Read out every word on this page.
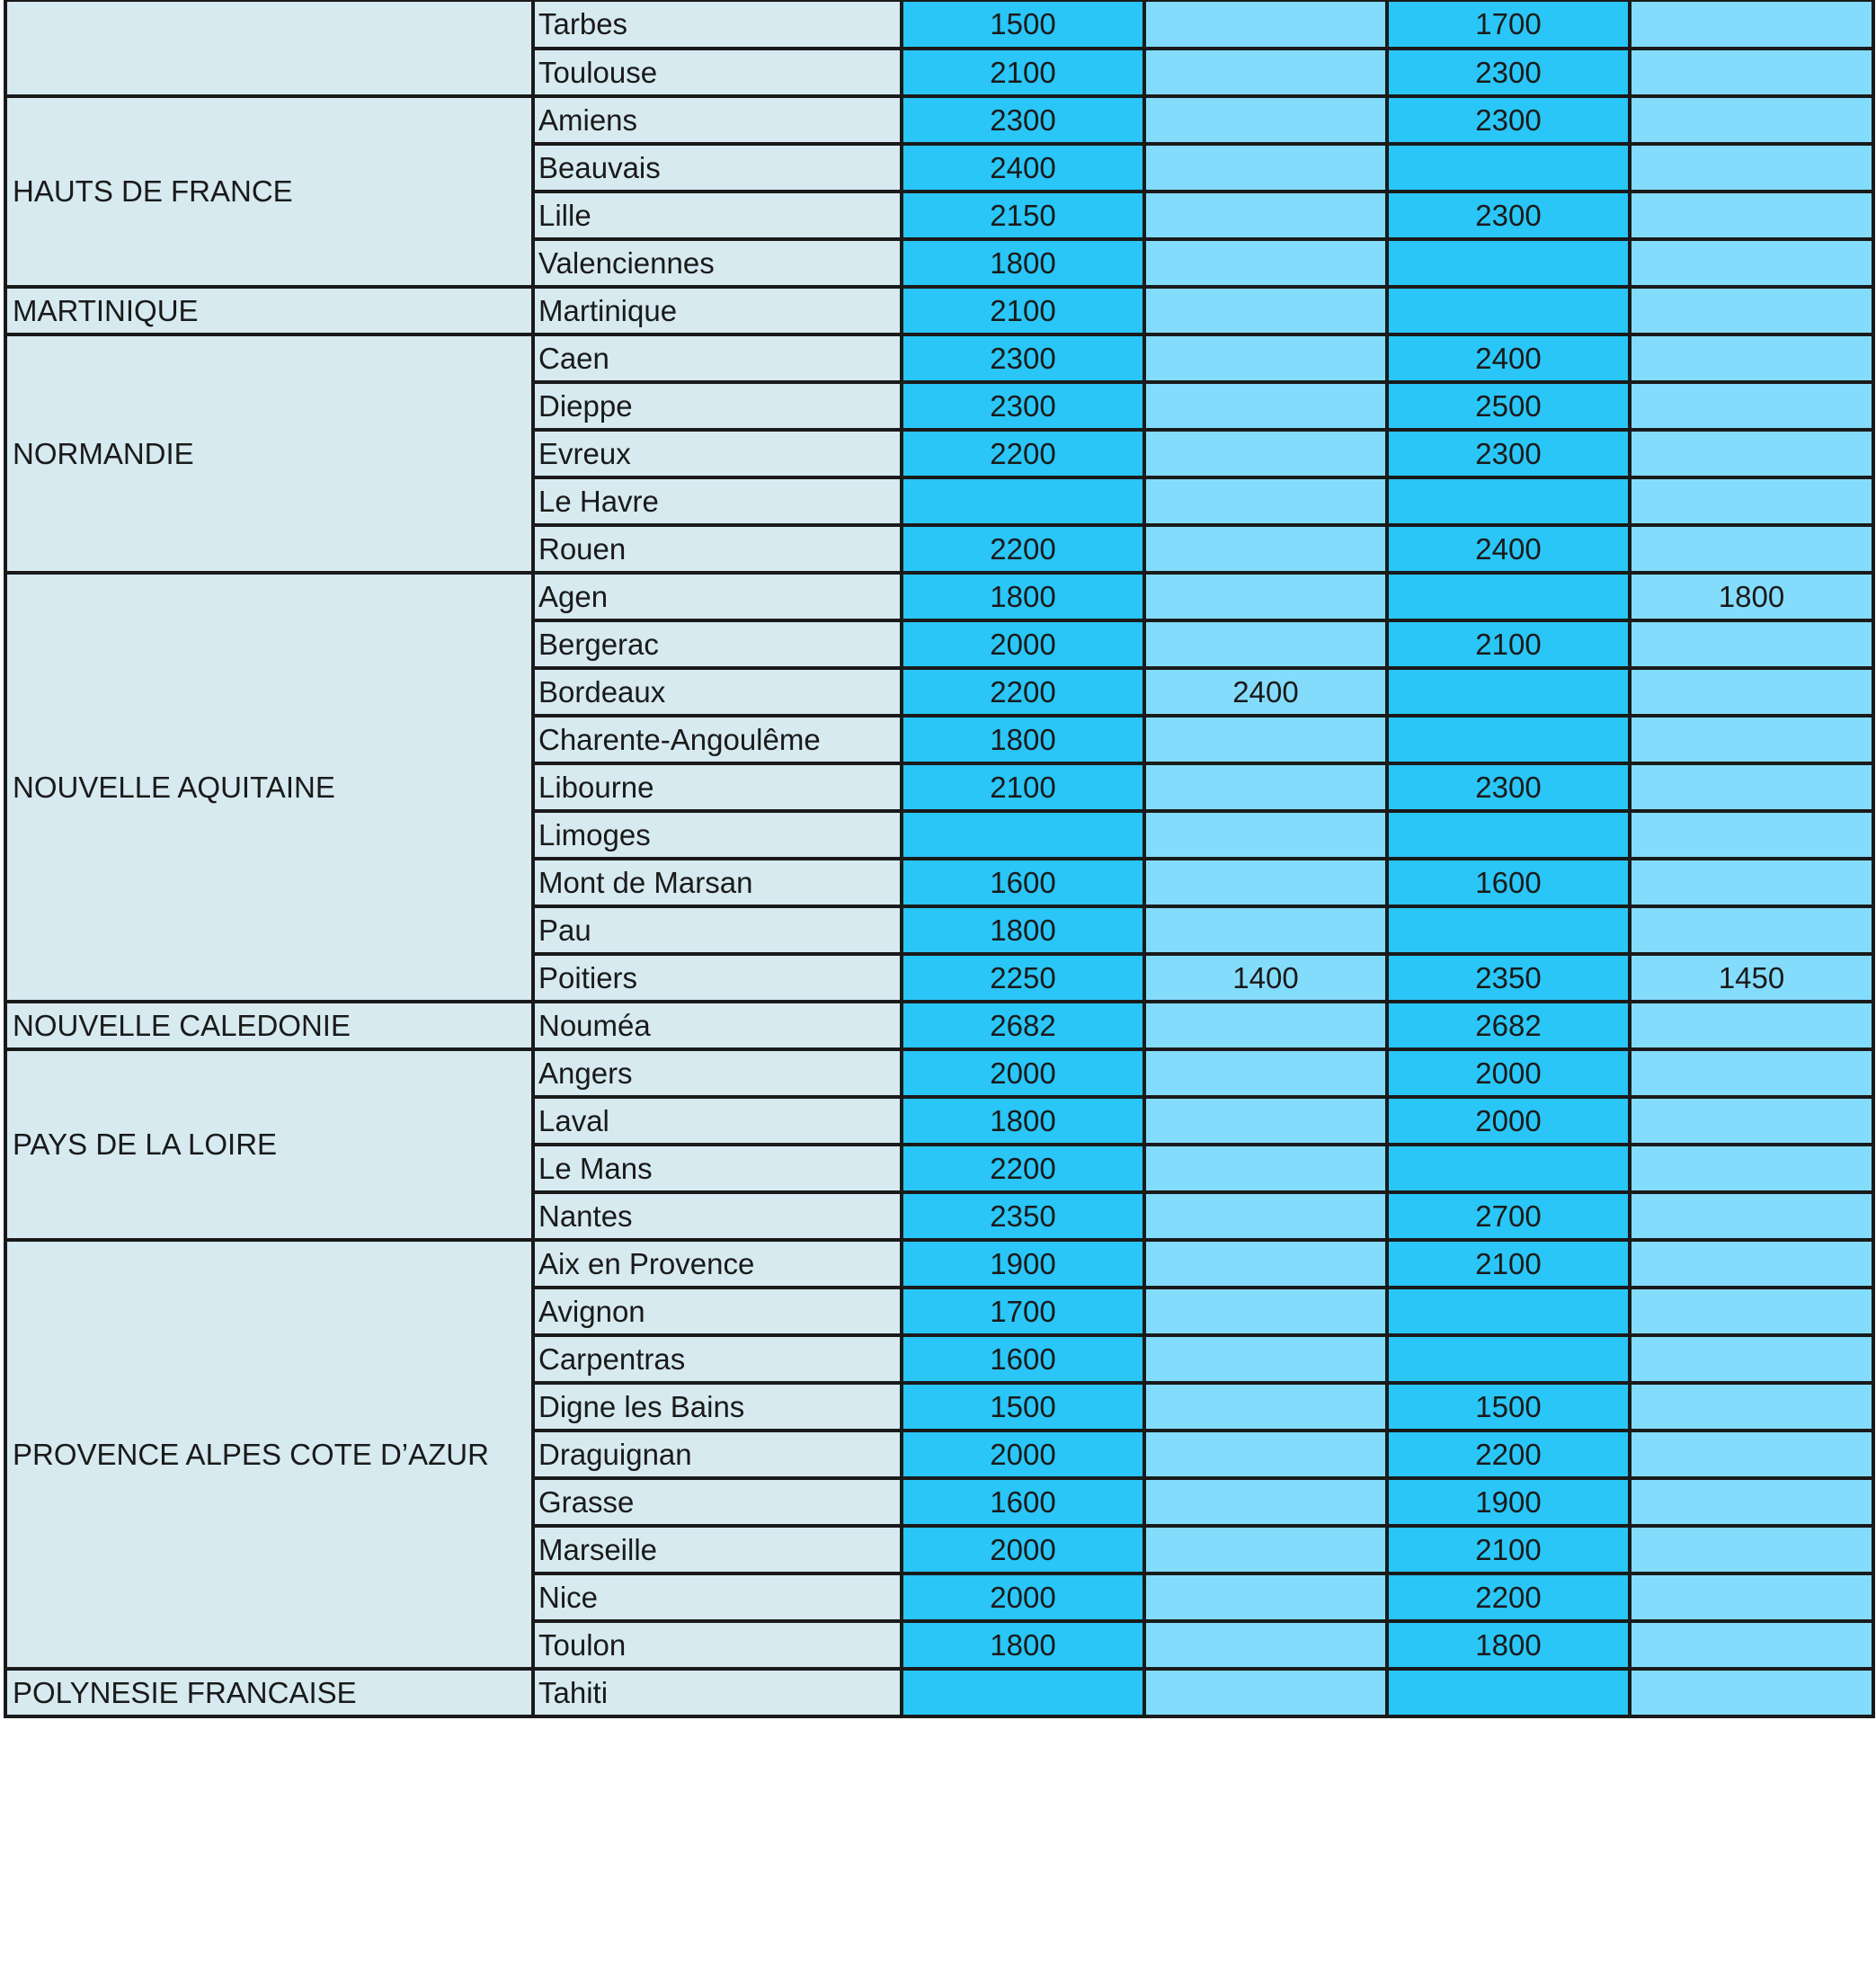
	Tarbes	1500		1700	
	Toulouse	2100		2300	
HAUTS DE FRANCE	Amiens	2300		2300	
	Beauvais	2400			
	Lille	2150		2300	
	Valenciennes	1800			
MARTINIQUE	Martinique	2100			
NORMANDIE	Caen	2300		2400	
	Dieppe	2300		2500	
	Evreux	2200		2300	
	Le Havre				
	Rouen	2200		2400	
NOUVELLE AQUITAINE	Agen	1800			1800
	Bergerac	2000		2100	
	Bordeaux	2200	2400		
	Charente-Angoulême	1800			
	Libourne	2100		2300	
	Limoges				
	Mont de Marsan	1600		1600	
	Pau	1800			
	Poitiers	2250	1400	2350	1450
NOUVELLE CALEDONIE	Nouméa	2682		2682	
PAYS DE LA LOIRE	Angers	2000		2000	
	Laval	1800		2000	
	Le Mans	2200			
	Nantes	2350		2700	
PROVENCE ALPES COTE D’AZUR	Aix en Provence	1900		2100	
	Avignon	1700			
	Carpentras	1600			
	Digne les Bains	1500		1500	
	Draguignan	2000		2200	
	Grasse	1600		1900	
	Marseille	2000		2100	
	Nice	2000		2200	
	Toulon	1800		1800	
POLYNESIE FRANCAISE	Tahiti				
